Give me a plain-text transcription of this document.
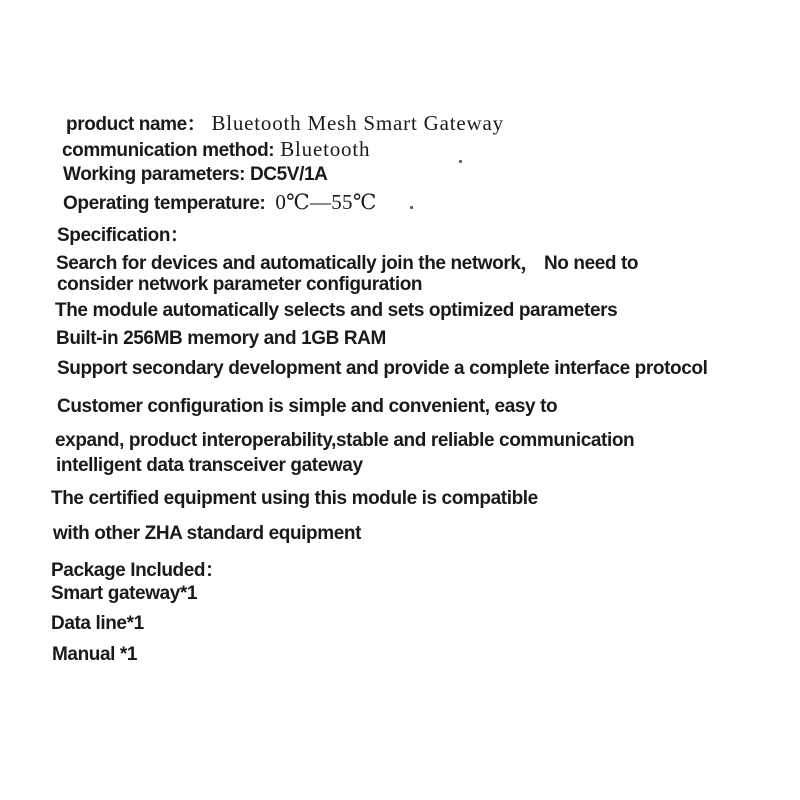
product name： Bluetooth Mesh Smart Gateway
communication method: Bluetooth
Working parameters: DC5V/1A
Operating temperature: 0℃—55℃
Specification：
Search for devices and automatically join the network， No need to
consider network parameter configuration
The module automatically selects and sets optimized parameters
Built-in 256MB memory and 1GB RAM
Support secondary development and provide a complete interface protocol
Customer configuration is simple and convenient, easy to
expand, product interoperability,stable and reliable communication
intelligent data transceiver gateway
The certified equipment using this module is compatible
with other ZHA standard equipment
Package Included：
Smart gateway*1
Data line*1
Manual *1
